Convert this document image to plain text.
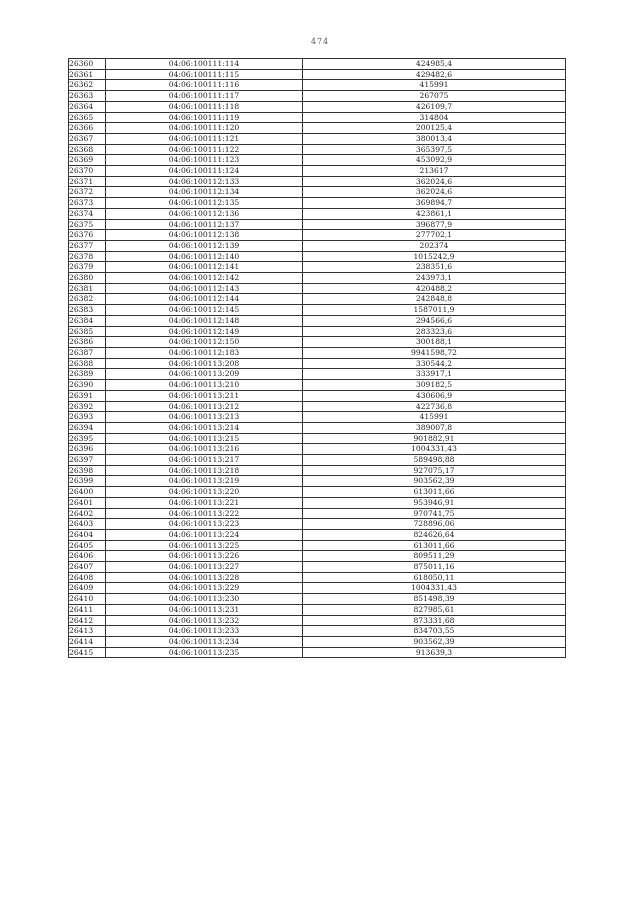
474
26360	04:06:100111:114	424985,4
26361	04:06:100111:115	429482,6
26362	04:06:100111:116	415991
26363	04:06:100111:117	267075
26364	04:06:100111:118	426109,7
26365	04:06:100111:119	314804
26366	04:06:100111:120	200125,4
26367	04:06:100111:121	380013,4
26368	04:06:100111:122	365397,5
26369	04:06:100111:123	453092,9
26370	04:06:100111:124	213617
26371	04:06:100112:133	362024,6
26372	04:06:100112:134	362024,6
26373	04:06:100112:135	369894,7
26374	04:06:100112:136	423861,1
26375	04:06:100112:137	396877,9
26376	04:06:100112:138	277702,1
26377	04:06:100112:139	202374
26378	04:06:100112:140	1015242,9
26379	04:06:100112:141	238351,6
26380	04:06:100112:142	243973,1
26381	04:06:100112:143	420488,2
26382	04:06:100112:144	242848,8
26383	04:06:100112:145	1587011,9
26384	04:06:100112:148	294566,6
26385	04:06:100112:149	283323,6
26386	04:06:100112:150	300188,1
26387	04:06:100112:183	9941598,72
26388	04:06:100113:208	330544,2
26389	04:06:100113:209	333917,1
26390	04:06:100113:210	309182,5
26391	04:06:100113:211	430606,9
26392	04:06:100113:212	422736,8
26393	04:06:100113:213	415991
26394	04:06:100113:214	389007,8
26395	04:06:100113:215	901882,91
26396	04:06:100113:216	1004331,43
26397	04:06:100113:217	589498,88
26398	04:06:100113:218	927075,17
26399	04:06:100113:219	903562,39
26400	04:06:100113:220	613011,66
26401	04:06:100113:221	953946,91
26402	04:06:100113:222	970741,75
26403	04:06:100113:223	728896,06
26404	04:06:100113:224	824626,64
26405	04:06:100113:225	613011,66
26406	04:06:100113:226	809511,29
26407	04:06:100113:227	875011,16
26408	04:06:100113:228	618050,11
26409	04:06:100113:229	1004331,43
26410	04:06:100113:230	851498,39
26411	04:06:100113:231	827985,61
26412	04:06:100113:232	873331,68
26413	04:06:100113:233	834703,55
26414	04:06:100113:234	903562,39
26415	04:06:100113:235	913639,3
